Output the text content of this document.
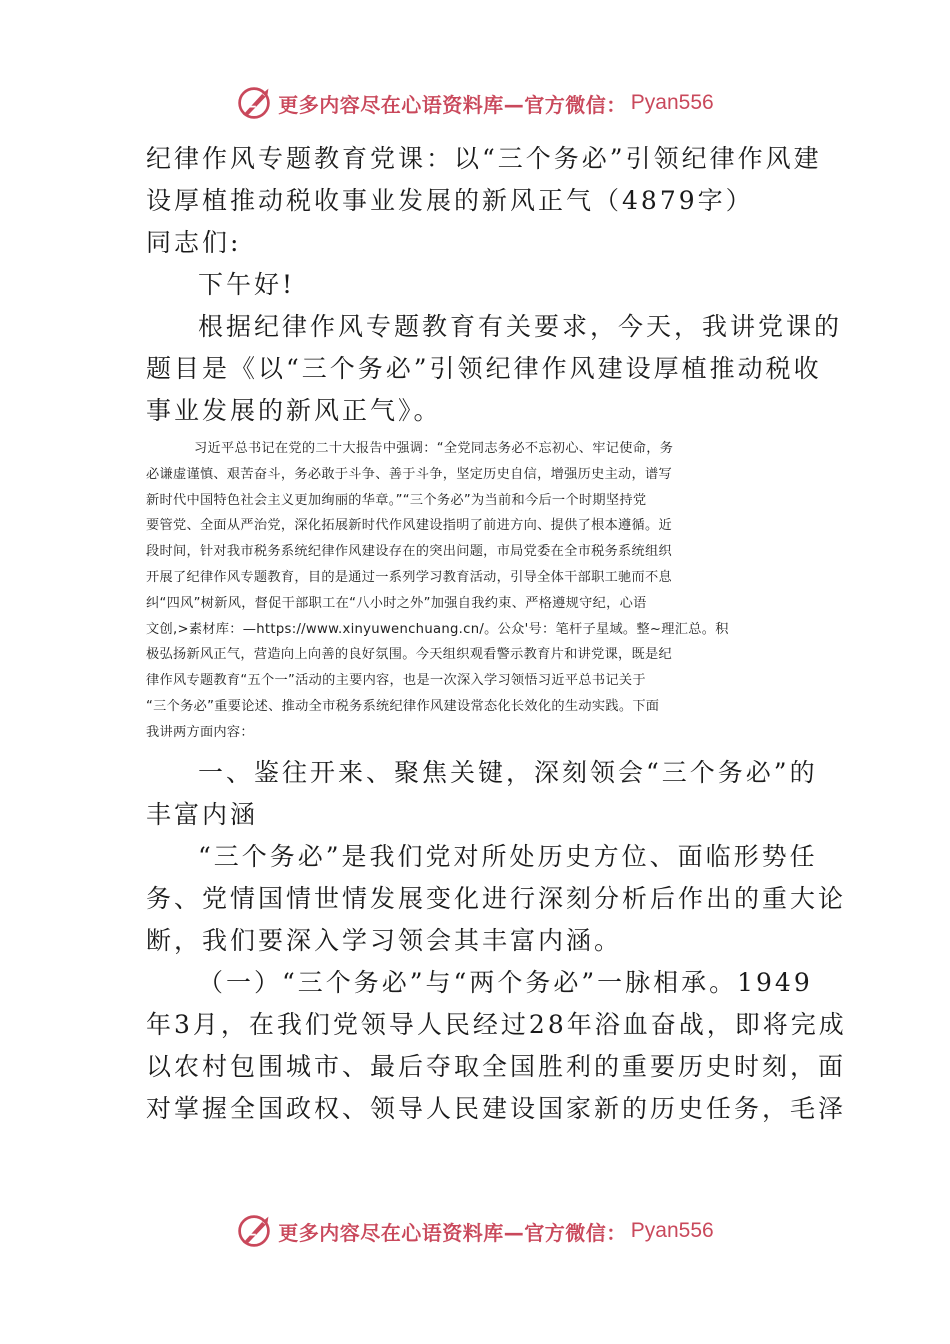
更多内容尽在心语资料库—官方微信： Pyan556
纪律作风专题教育党课：以“三个务必”引领纪律作风建
设厚植推动税收事业发展的新风正气（4879字）
同志们:
下午好!
根据纪律作风专题教育有关要求，今天，我讲党课的
题目是《以“三个务必”引领纪律作风建设厚植推动税收
事业发展的新风正气》。
习近平总书记在党的二十大报告中强调：“全党同志务必不忘初心、牢记使命，务
必谦虚谨慎、艰苦奋斗，务必敢于斗争、善于斗争，坚定历史自信，增强历史主动，谱写
新时代中国特色社会主义更加绚丽的华章。”“三个务必”为当前和今后一个时期坚持党
要管党、全面从严治党，深化拓展新时代作风建设指明了前进方向、提供了根本遵循。近
段时间，针对我市税务系统纪律作风建设存在的突出问题，市局党委在全市税务系统组织
开展了纪律作风专题教育，目的是通过一系列学习教育活动，引导全体干部职工驰而不息
纠“四风”树新风，督促干部职工在“八小时之外”加强自我约束、严格遵规守纪，心语
文创,>素材库：—https://www.xinyuwenchuang.cn/。公众'号：笔杆子星域。整~理汇总。积
极弘扬新风正气，营造向上向善的良好氛围。今天组织观看警示教育片和讲党课，既是纪
律作风专题教育“五个一”活动的主要内容，也是一次深入学习领悟习近平总书记关于
“三个务必”重要论述、推动全市税务系统纪律作风建设常态化长效化的生动实践。下面
我讲两方面内容：
一、鉴往开来、聚焦关键，深刻领会“三个务必”的
丰富内涵
“三个务必”是我们党对所处历史方位、面临形势任
务、党情国情世情发展变化进行深刻分析后作出的重大论
断，我们要深入学习领会其丰富内涵。
（一）“三个务必”与“两个务必”一脉相承。1949
年3月，在我们党领导人民经过28年浴血奋战，即将完成
以农村包围城市、最后夺取全国胜利的重要历史时刻，面
对掌握全国政权、领导人民建设国家新的历史任务，毛泽
更多内容尽在心语资料库—官方微信： Pyan556
